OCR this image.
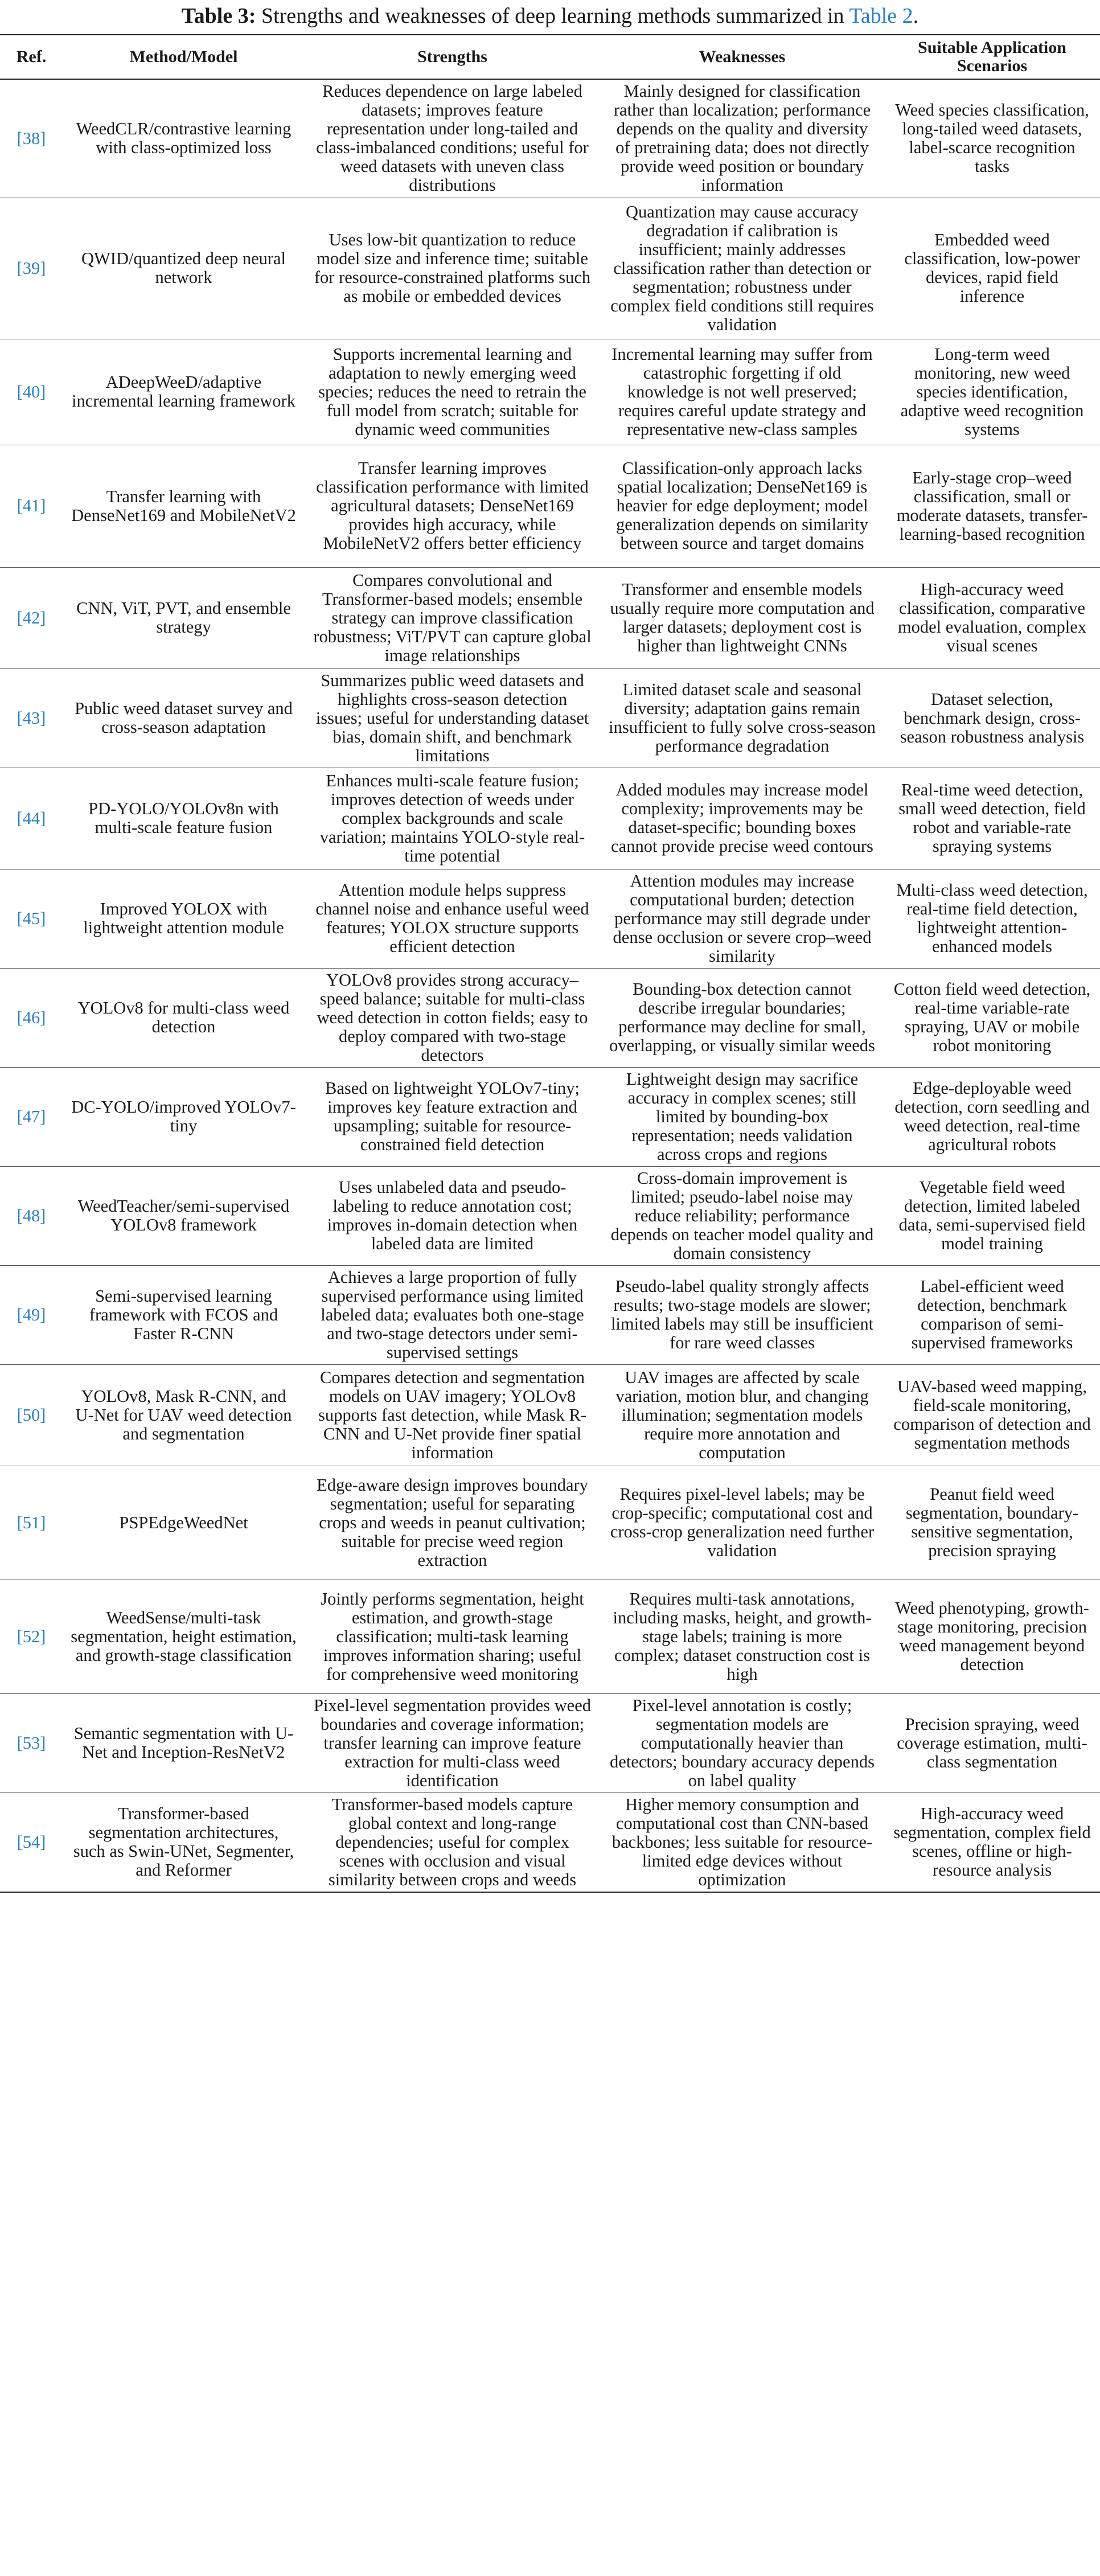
Table 3: Strengths and weaknesses of deep learning methods summarized in Table 2.
Ref.	Method/Model	Strengths	Weaknesses	Suitable Application Scenarios
[38]	WeedCLR/contrastive learning with class-optimized loss	Reduces dependence on large labeled datasets; improves feature representation under long-tailed and class-imbalanced conditions; useful for weed datasets with uneven class distributions	Mainly designed for classification rather than localization; performance depends on the quality and diversity of pretraining data; does not directly provide weed position or boundary information	Weed species classification, long-tailed weed datasets, label-scarce recognition tasks
[39]	QWID/quantized deep neural network	Uses low-bit quantization to reduce model size and inference time; suitable for resource-constrained platforms such as mobile or embedded devices	Quantization may cause accuracy degradation if calibration is insufficient; mainly addresses classification rather than detection or segmentation; robustness under complex field conditions still requires validation	Embedded weed classification, low-power devices, rapid field inference
[40]	ADeepWeeD/adaptive incremental learning framework	Supports incremental learning and adaptation to newly emerging weed species; reduces the need to retrain the full model from scratch; suitable for dynamic weed communities	Incremental learning may suffer from catastrophic forgetting if old knowledge is not well preserved; requires careful update strategy and representative new-class samples	Long-term weed monitoring, new weed species identification, adaptive weed recognition systems
[41]	Transfer learning with DenseNet169 and MobileNetV2	Transfer learning improves classification performance with limited agricultural datasets; DenseNet169 provides high accuracy, while MobileNetV2 offers better efficiency	Classification-only approach lacks spatial localization; DenseNet169 is heavier for edge deployment; model generalization depends on similarity between source and target domains	Early-stage crop–weed classification, small or moderate datasets, transfer-learning-based recognition
[42]	CNN, ViT, PVT, and ensemble strategy	Compares convolutional and Transformer-based models; ensemble strategy can improve classification robustness; ViT/PVT can capture global image relationships	Transformer and ensemble models usually require more computation and larger datasets; deployment cost is higher than lightweight CNNs	High-accuracy weed classification, comparative model evaluation, complex visual scenes
[43]	Public weed dataset survey and cross-season adaptation	Summarizes public weed datasets and highlights cross-season detection issues; useful for understanding dataset bias, domain shift, and benchmark limitations	Limited dataset scale and seasonal diversity; adaptation gains remain insufficient to fully solve cross-season performance degradation	Dataset selection, benchmark design, cross-season robustness analysis
[44]	PD-YOLO/YOLOv8n with multi-scale feature fusion	Enhances multi-scale feature fusion; improves detection of weeds under complex backgrounds and scale variation; maintains YOLO-style real-time potential	Added modules may increase model complexity; improvements may be dataset-specific; bounding boxes cannot provide precise weed contours	Real-time weed detection, small weed detection, field robot and variable-rate spraying systems
[45]	Improved YOLOX with lightweight attention module	Attention module helps suppress channel noise and enhance useful weed features; YOLOX structure supports efficient detection	Attention modules may increase computational burden; detection performance may still degrade under dense occlusion or severe crop–weed similarity	Multi-class weed detection, real-time field detection, lightweight attention-enhanced models
[46]	YOLOv8 for multi-class weed detection	YOLOv8 provides strong accuracy–speed balance; suitable for multi-class weed detection in cotton fields; easy to deploy compared with two-stage detectors	Bounding-box detection cannot describe irregular boundaries; performance may decline for small, overlapping, or visually similar weeds	Cotton field weed detection, real-time variable-rate spraying, UAV or mobile robot monitoring
[47]	DC-YOLO/improved YOLOv7-tiny	Based on lightweight YOLOv7-tiny; improves key feature extraction and upsampling; suitable for resource-constrained field detection	Lightweight design may sacrifice accuracy in complex scenes; still limited by bounding-box representation; needs validation across crops and regions	Edge-deployable weed detection, corn seedling and weed detection, real-time agricultural robots
[48]	WeedTeacher/semi-supervised YOLOv8 framework	Uses unlabeled data and pseudo-labeling to reduce annotation cost; improves in-domain detection when labeled data are limited	Cross-domain improvement is limited; pseudo-label noise may reduce reliability; performance depends on teacher model quality and domain consistency	Vegetable field weed detection, limited labeled data, semi-supervised field model training
[49]	Semi-supervised learning framework with FCOS and Faster R-CNN	Achieves a large proportion of fully supervised performance using limited labeled data; evaluates both one-stage and two-stage detectors under semi-supervised settings	Pseudo-label quality strongly affects results; two-stage models are slower; limited labels may still be insufficient for rare weed classes	Label-efficient weed detection, benchmark comparison of semi-supervised frameworks
[50]	YOLOv8, Mask R-CNN, and U-Net for UAV weed detection and segmentation	Compares detection and segmentation models on UAV imagery; YOLOv8 supports fast detection, while Mask R-CNN and U-Net provide finer spatial information	UAV images are affected by scale variation, motion blur, and changing illumination; segmentation models require more annotation and computation	UAV-based weed mapping, field-scale monitoring, comparison of detection and segmentation methods
[51]	PSPEdgeWeedNet	Edge-aware design improves boundary segmentation; useful for separating crops and weeds in peanut cultivation; suitable for precise weed region extraction	Requires pixel-level labels; may be crop-specific; computational cost and cross-crop generalization need further validation	Peanut field weed segmentation, boundary-sensitive segmentation, precision spraying
[52]	WeedSense/multi-task segmentation, height estimation, and growth-stage classification	Jointly performs segmentation, height estimation, and growth-stage classification; multi-task learning improves information sharing; useful for comprehensive weed monitoring	Requires multi-task annotations, including masks, height, and growth-stage labels; training is more complex; dataset construction cost is high	Weed phenotyping, growth-stage monitoring, precision weed management beyond detection
[53]	Semantic segmentation with U-Net and Inception-ResNetV2	Pixel-level segmentation provides weed boundaries and coverage information; transfer learning can improve feature extraction for multi-class weed identification	Pixel-level annotation is costly; segmentation models are computationally heavier than detectors; boundary accuracy depends on label quality	Precision spraying, weed coverage estimation, multi-class segmentation
[54]	Transformer-based segmentation architectures, such as Swin-UNet, Segmenter, and Reformer	Transformer-based models capture global context and long-range dependencies; useful for complex scenes with occlusion and visual similarity between crops and weeds	Higher memory consumption and computational cost than CNN-based backbones; less suitable for resource-limited edge devices without optimization	High-accuracy weed segmentation, complex field scenes, offline or high-resource analysis
